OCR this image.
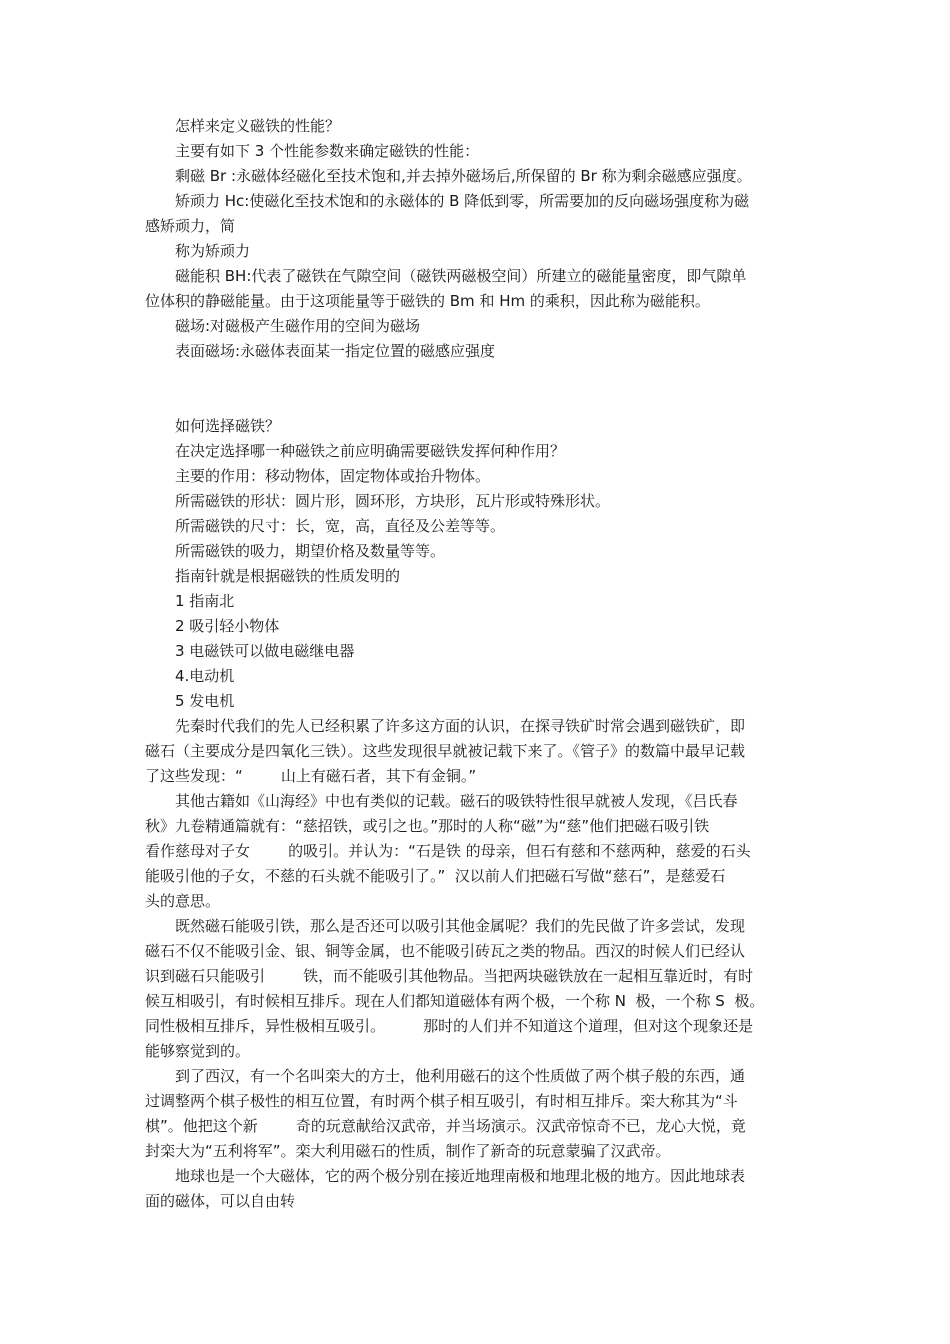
怎样来定义磁铁的性能？
主要有如下 3 个性能参数来确定磁铁的性能：
剩磁 Br :永磁体经磁化至技术饱和,并去掉外磁场后,所保留的 Br 称为剩余磁感应强度。
矫顽力 Hc:使磁化至技术饱和的永磁体的 B 降低到零，所需要加的反向磁场强度称为磁
感矫顽力，简
称为矫顽力
磁能积 BH:代表了磁铁在气隙空间（磁铁两磁极空间）所建立的磁能量密度，即气隙单
位体积的静磁能量。由于这项能量等于磁铁的 Bm 和 Hm 的乘积，因此称为磁能积。
磁场:对磁极产生磁作用的空间为磁场
表面磁场:永磁体表面某一指定位置的磁感应强度
如何选择磁铁？
在决定选择哪一种磁铁之前应明确需要磁铁发挥何种作用？
主要的作用：移动物体，固定物体或抬升物体。
所需磁铁的形状：圆片形，圆环形，方块形，瓦片形或特殊形状。
所需磁铁的尺寸：长，宽，高，直径及公差等等。
所需磁铁的吸力，期望价格及数量等等。
指南针就是根据磁铁的性质发明的
1 指南北
2 吸引轻小物体
3 电磁铁可以做电磁继电器
4.电动机
5 发电机
先秦时代我们的先人已经积累了许多这方面的认识，在探寻铁矿时常会遇到磁铁矿，即
磁石（主要成分是四氧化三铁）。这些发现很早就被记载下来了。《管子》的数篇中最早记载
了这些发现：“        山上有磁石者，其下有金铜。”
其他古籍如《山海经》中也有类似的记载。磁石的吸铁特性很早就被人发现，《吕氏春
秋》九卷精通篇就有：“慈招铁，或引之也。”那时的人称“磁”为“慈”他们把磁石吸引铁
看作慈母对子女        的吸引。并认为：“石是铁 的母亲，但石有慈和不慈两种，慈爱的石头
能吸引他的子女，不慈的石头就不能吸引了。”  汉以前人们把磁石写做“慈石”，是慈爱石
头的意思。
既然磁石能吸引铁，那么是否还可以吸引其他金属呢？我们的先民做了许多尝试，发现
磁石不仅不能吸引金、银、铜等金属，也不能吸引砖瓦之类的物品。西汉的时候人们已经认
识到磁石只能吸引        铁，而不能吸引其他物品。当把两块磁铁放在一起相互靠近时，有时
候互相吸引，有时候相互排斥。现在人们都知道磁体有两个极，一个称 N  极，一个称 S  极。
同性极相互排斥，异性极相互吸引。        那时的人们并不知道这个道理，但对这个现象还是
能够察觉到的。
到了西汉，有一个名叫栾大的方士，他利用磁石的这个性质做了两个棋子般的东西，通
过调整两个棋子极性的相互位置，有时两个棋子相互吸引，有时相互排斥。栾大称其为“斗
棋”。他把这个新        奇的玩意献给汉武帝，并当场演示。汉武帝惊奇不已，龙心大悦，竟
封栾大为“五利将军”。栾大利用磁石的性质，制作了新奇的玩意蒙骗了汉武帝。
地球也是一个大磁体，它的两个极分别在接近地理南极和地理北极的地方。因此地球表
面的磁体，可以自由转
